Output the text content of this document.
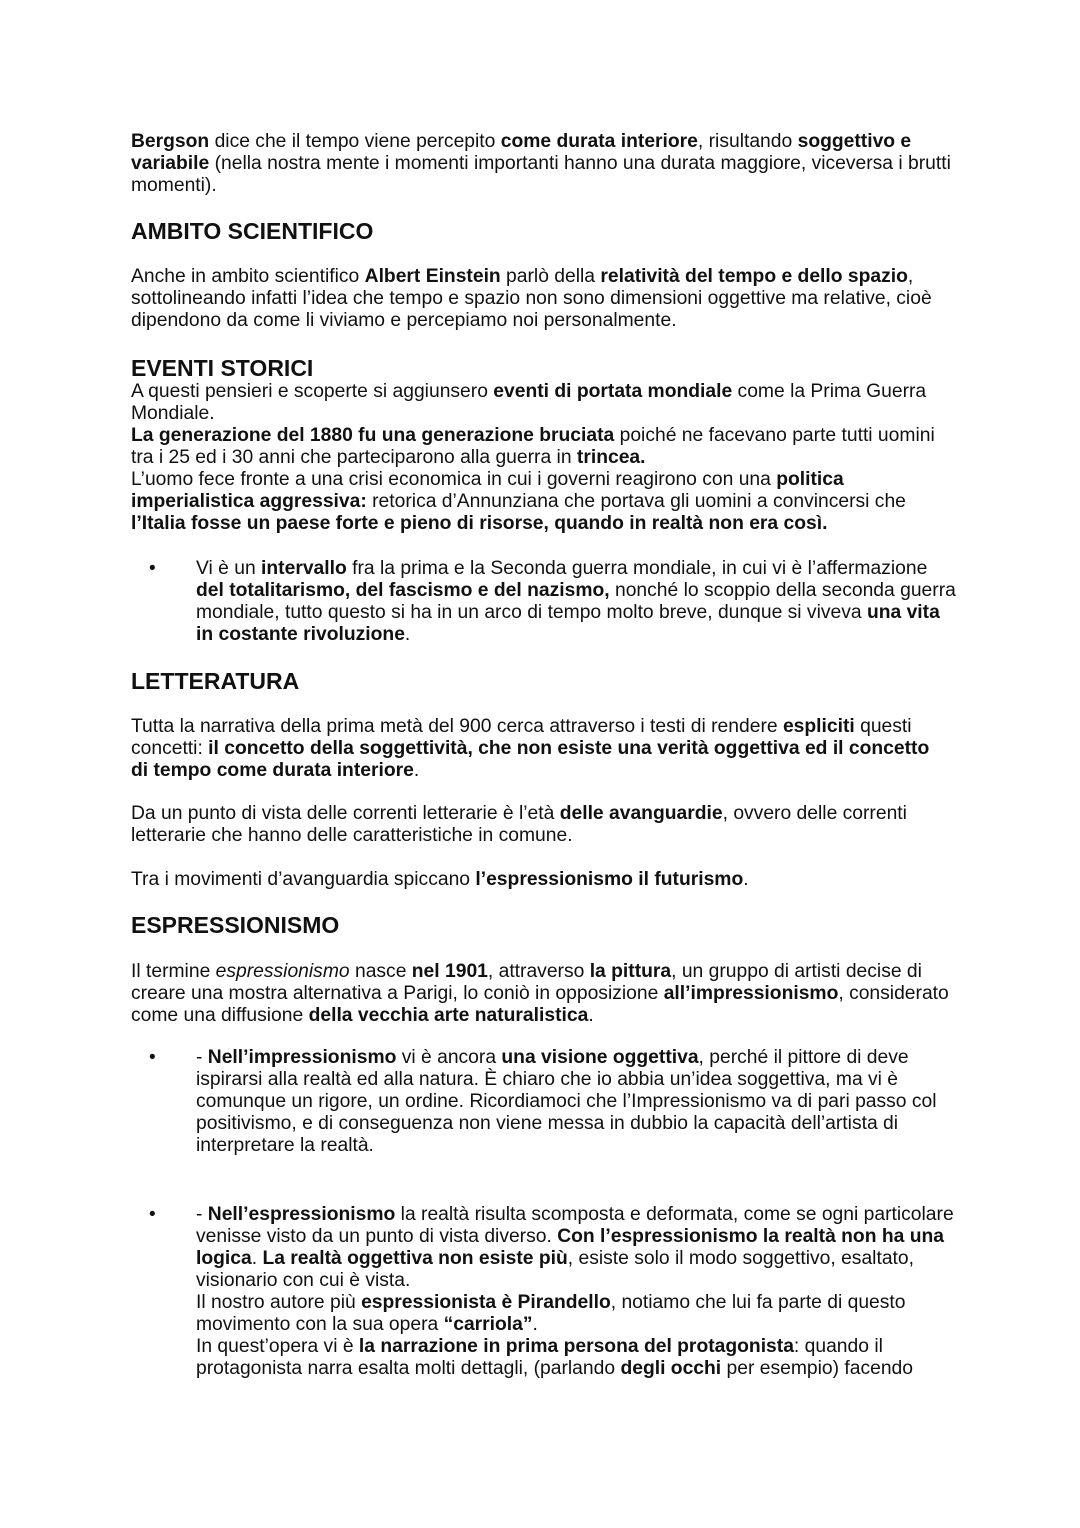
Bergson dice che il tempo viene percepito come durata interiore, risultando soggettivo e variabile (nella nostra mente i momenti importanti hanno una durata maggiore, viceversa i brutti momenti).

AMBITO SCIENTIFICO

Anche in ambito scientifico Albert Einstein parlò della relatività del tempo e dello spazio, sottolineando infatti l’idea che tempo e spazio non sono dimensioni oggettive ma relative, cioè dipendono da come li viviamo e percepiamo noi personalmente.

EVENTI STORICI

A questi pensieri e scoperte si aggiunsero eventi di portata mondiale come la Prima Guerra Mondiale.
La generazione del 1880 fu una generazione bruciata poiché ne facevano parte tutti uomini tra i 25 ed i 30 anni che parteciparono alla guerra in trincea.
L’uomo fece fronte a una crisi economica in cui i governi reagirono con una politica imperialistica aggressiva: retorica d’Annunziana che portava gli uomini a convincersi che l’Italia fosse un paese forte e pieno di risorse, quando in realtà non era così.

• Vi è un intervallo fra la prima e la Seconda guerra mondiale, in cui vi è l’affermazione del totalitarismo, del fascismo e del nazismo, nonché lo scoppio della seconda guerra mondiale, tutto questo si ha in un arco di tempo molto breve, dunque si viveva una vita in costante rivoluzione.

LETTERATURA

Tutta la narrativa della prima metà del 900 cerca attraverso i testi di rendere espliciti questi concetti: il concetto della soggettività, che non esiste una verità oggettiva ed il concetto di tempo come durata interiore.

Da un punto di vista delle correnti letterarie è l’età delle avanguardie, ovvero delle correnti letterarie che hanno delle caratteristiche in comune.

Tra i movimenti d’avanguardia spiccano l’espressionismo il futurismo.

ESPRESSIONISMO

Il termine espressionismo nasce nel 1901, attraverso la pittura, un gruppo di artisti decise di creare una mostra alternativa a Parigi, lo coniò in opposizione all’impressionismo, considerato come una diffusione della vecchia arte naturalistica.

• - Nell’impressionismo vi è ancora una visione oggettiva, perché il pittore di deve ispirarsi alla realtà ed alla natura. È chiaro che io abbia un’idea soggettiva, ma vi è comunque un rigore, un ordine. Ricordiamoci che l’Impressionismo va di pari passo col positivismo, e di conseguenza non viene messa in dubbio la capacità dell’artista di interpretare la realtà.

• - Nell’espressionismo la realtà risulta scomposta e deformata, come se ogni particolare venisse visto da un punto di vista diverso. Con l’espressionismo la realtà non ha una logica. La realtà oggettiva non esiste più, esiste solo il modo soggettivo, esaltato, visionario con cui è vista.
Il nostro autore più espressionista è Pirandello, notiamo che lui fa parte di questo movimento con la sua opera “carriola”.
In quest’opera vi è la narrazione in prima persona del protagonista: quando il protagonista narra esalta molti dettagli, (parlando degli occhi per esempio) facendo
